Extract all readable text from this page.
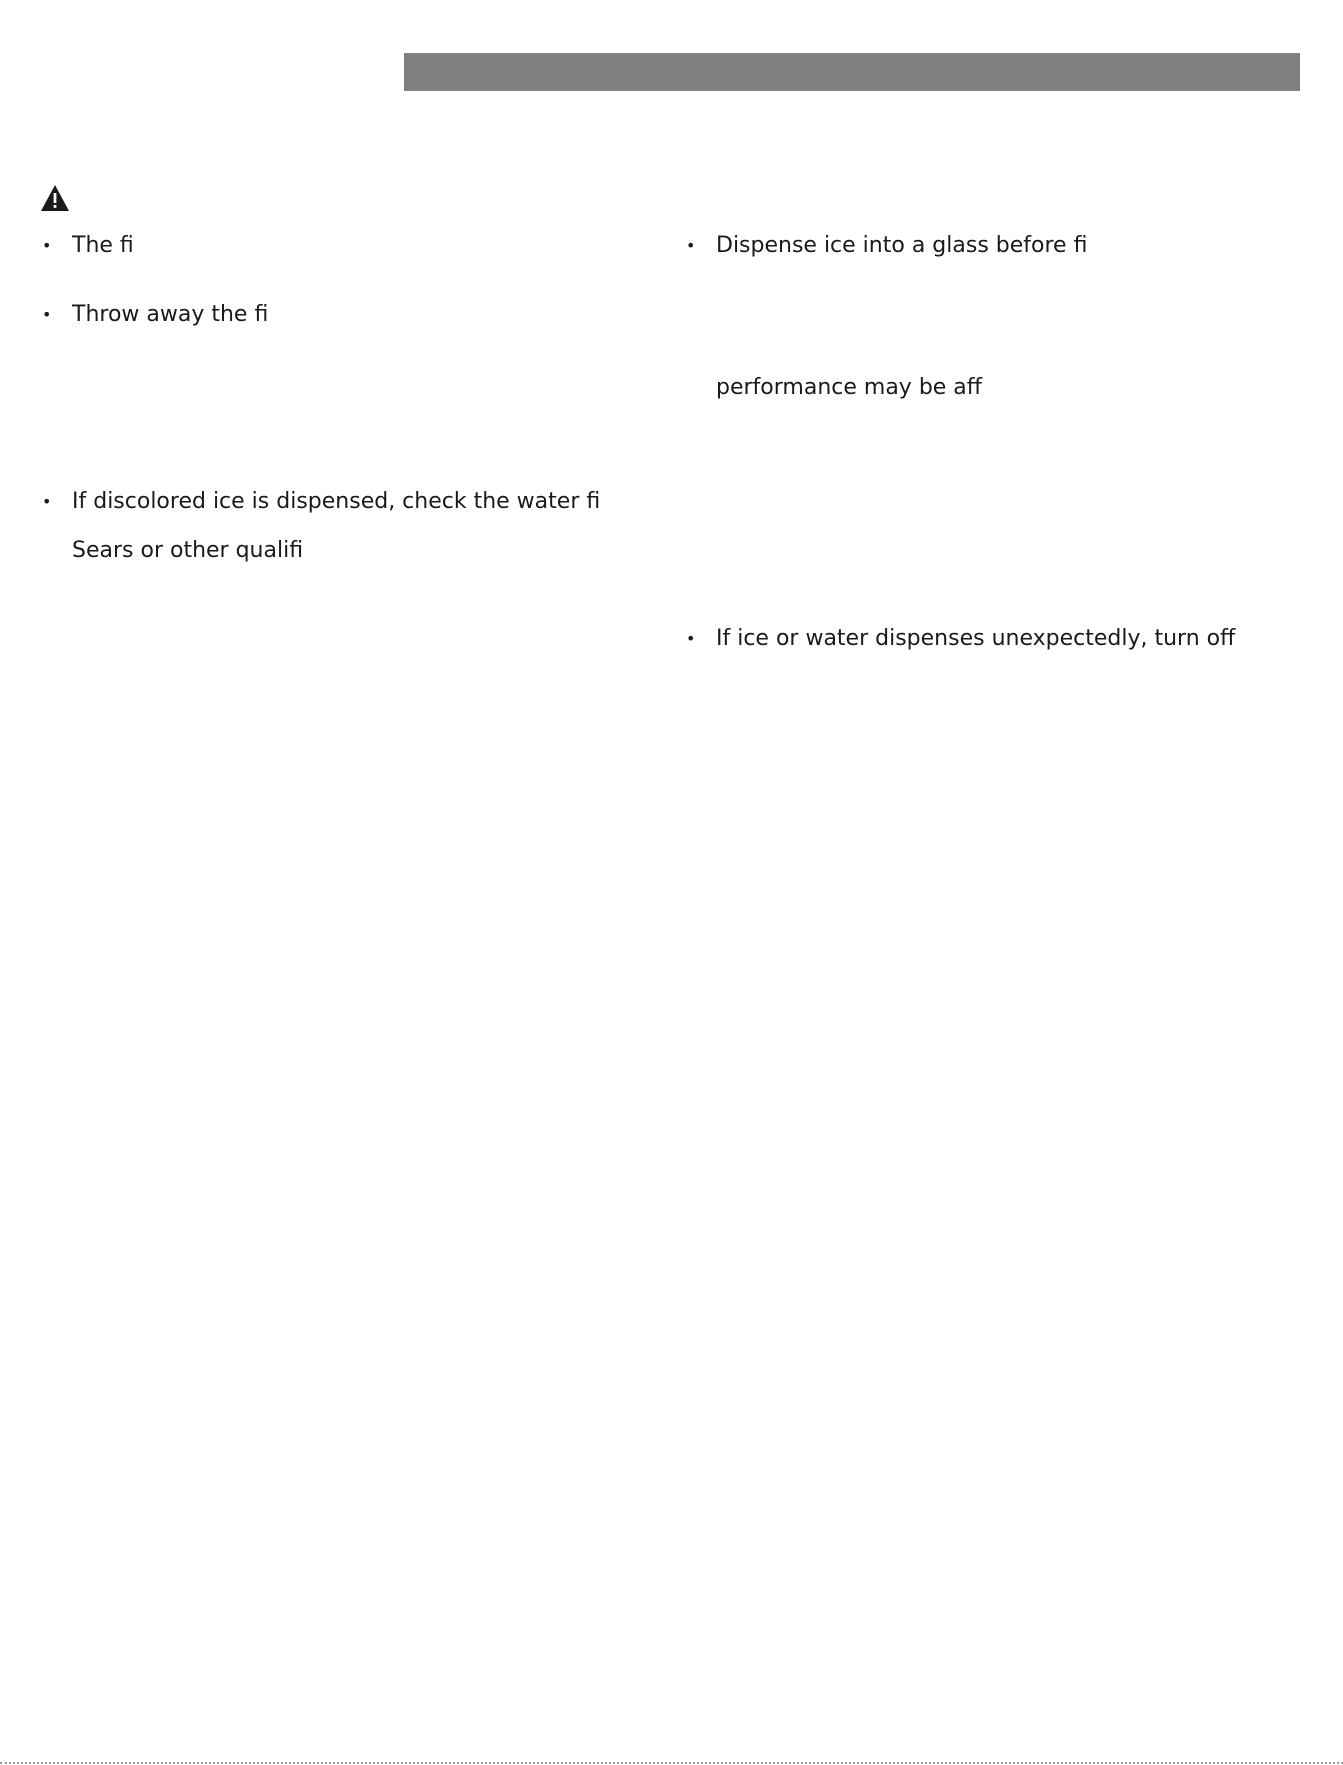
• The fi
• Throw away the fi
• If discolored ice is dispensed, check the water fi
Sears or other qualifi
• Dispense ice into a glass before fi
performance may be aff
• If ice or water dispenses unexpectedly, turn off
